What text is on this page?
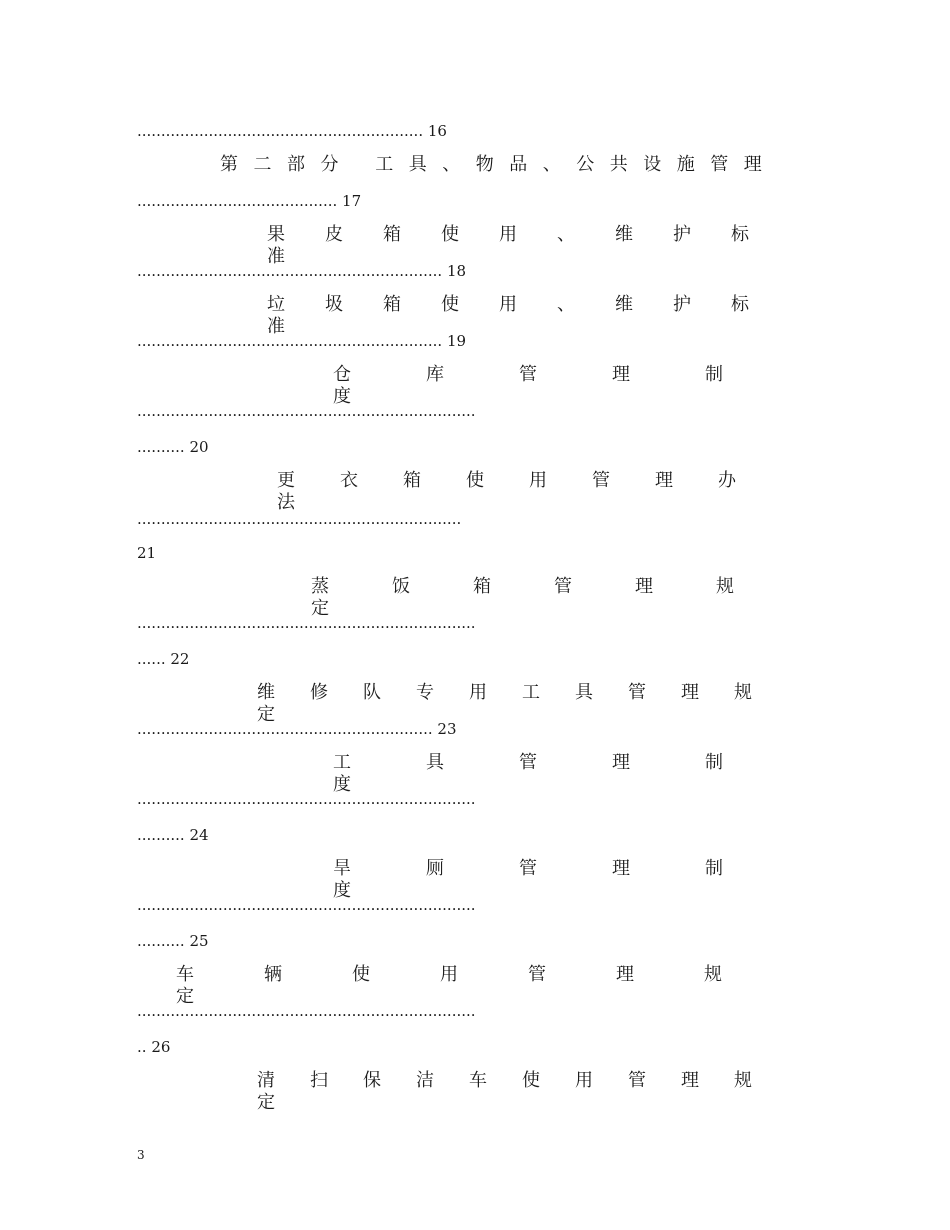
............................................................ 16
第二部分 工具、物品、公共设施管理
.......................................... 17
果皮箱使用、维护标准
................................................................ 18
垃圾箱使用、维护标准
................................................................ 19
仓库管理制度
.......................................................................
.......... 20
更衣箱使用管理办法
....................................................................
21
蒸饭箱管理规定
.......................................................................
...... 22
维修队专用工具管理规定
.............................................................. 23
工具管理制度
.......................................................................
.......... 24
旱厕管理制度
.......................................................................
.......... 25
车辆使用管理规定
.......................................................................
.. 26
清扫保洁车使用管理规定
3
